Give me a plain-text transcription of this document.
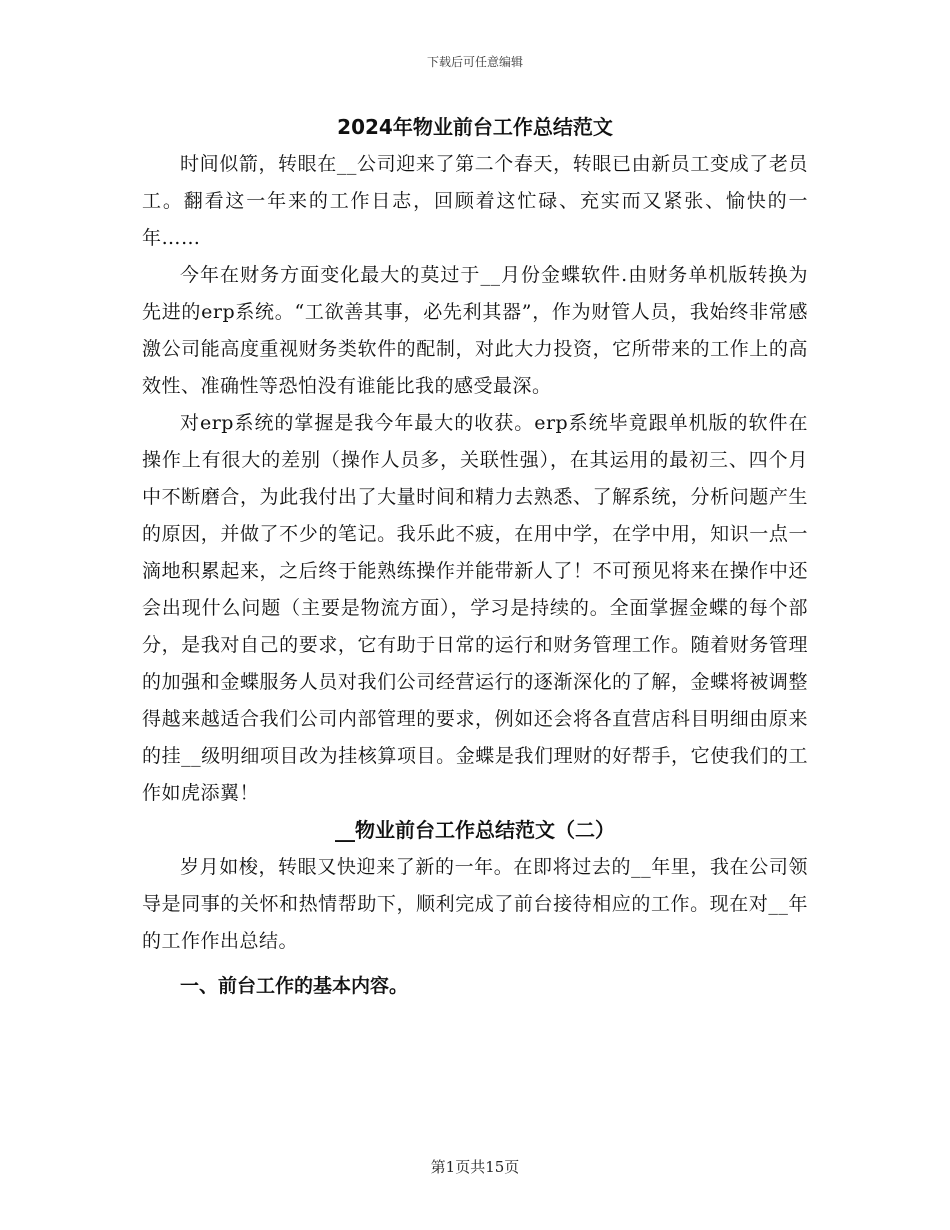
下载后可任意编辑
2024年物业前台工作总结范文

时间似箭，转眼在__公司迎来了第二个春天，转眼已由新员工变成了老员工。翻看这一年来的工作日志，回顾着这忙碌、充实而又紧张、愉快的一年……

今年在财务方面变化最大的莫过于__月份金蝶软件.由财务单机版转换为先进的erp系统。“工欲善其事，必先利其器”，作为财管人员，我始终非常感激公司能高度重视财务类软件的配制，对此大力投资，它所带来的工作上的高效性、准确性等恐怕没有谁能比我的感受最深。

对erp系统的掌握是我今年最大的收获。erp系统毕竟跟单机版的软件在操作上有很大的差别（操作人员多，关联性强），在其运用的最初三、四个月中不断磨合，为此我付出了大量时间和精力去熟悉、了解系统，分析问题产生的原因，并做了不少的笔记。我乐此不疲，在用中学，在学中用，知识一点一滴地积累起来，之后终于能熟练操作并能带新人了！不可预见将来在操作中还会出现什么问题（主要是物流方面），学习是持续的。全面掌握金蝶的每个部分，是我对自己的要求，它有助于日常的运行和财务管理工作。随着财务管理的加强和金蝶服务人员对我们公司经营运行的逐渐深化的了解，金蝶将被调整得越来越适合我们公司内部管理的要求，例如还会将各直营店科目明细由原来的挂__级明细项目改为挂核算项目。金蝶是我们理财的好帮手，它使我们的工作如虎添翼！

__物业前台工作总结范文（二）

岁月如梭，转眼又快迎来了新的一年。在即将过去的__年里，我在公司领导是同事的关怀和热情帮助下，顺利完成了前台接待相应的工作。现在对__年的工作作出总结。

一、前台工作的基本内容。
第1页共15页
